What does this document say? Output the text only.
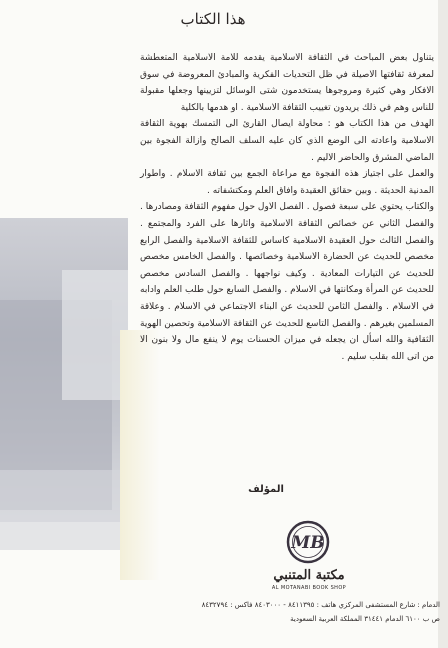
هذا الكتاب

يتناول بعض المباحث في الثقافة الاسلامية يقدمه للامة الاسلامية المتعطشة لمعرفة ثقافتها الاصيلة في ظل التحديات الفكرية والمبادئ المعروضة في سوق الافكار وهي كثيرة ومروجوها يستخدمون شتى الوسائل لتزيينها وجعلها مقبولة للناس وهم في ذلك يريدون تغييب الثقافة الاسلامية . او هدمها بالكلية

الهدف من هذا الكتاب هو : محاولة ايصال القارئ الى التمسك بهوية الثقافة الاسلامية واعادته الى الوضع الذي كان عليه السلف الصالح وازالة الفجوة بين الماضي المشرق والحاضر الاليم .

والعمل على اجتياز هذه الفجوة مع مراعاة الجمع بين ثقافة الاسلام . واطوار المدنية الحديثة . وبين حقائق العقيدة وافاق العلم ومكتشفاته .

والكتاب يحتوي على سبعة فصول . الفصل الاول حول مفهوم الثقافة ومصادرها . والفصل الثاني عن خصائص الثقافة الاسلامية واثارها على الفرد والمجتمع . والفصل الثالث حول العقيدة الاسلامية كاساس للثقافة الاسلامية والفصل الرابع مخصص للحديث عن الحضارة الاسلامية وخصائصها . والفصل الخامس مخصص للحديث عن التيارات المعادية . وكيف نواجهها . والفصل السادس مخصص للحديث عن المرأة ومكانتها في الاسلام . والفصل السابع حول طلب العلم وادابه في الاسلام . والفصل الثامن للحديث عن البناء الاجتماعي في الاسلام . وعلاقة المسلمين بغيرهم . والفصل التاسع للحديث عن الثقافة الاسلامية وتحصين الهوية الثقافية والله اسأل ان يجعله في ميزان الحسنات يوم لا ينفع مال ولا بنون الا من اتى الله بقلب سليم .

المؤلف

MB

مكتبة المتنبي

AL MOTANABI BOOK SHOP

الدمام : شارع المستشفى المركزي هاتف : ٨٤١١٣٩٥ - ٨٤٠٣٠٠٠ فاكس : ٨٤٣٢٧٩٤

ص ب ٦١٠٠ الدمام ٣١٤٤١ المملكة العربية السعودية
